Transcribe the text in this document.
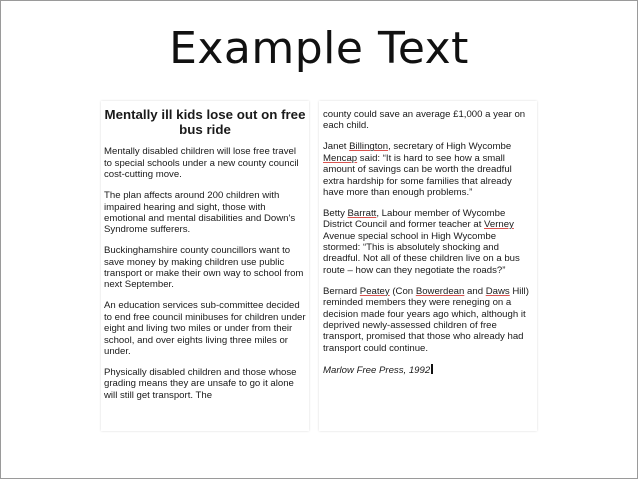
Example Text
Mentally ill kids lose out on free bus ride

Mentally disabled children will lose free travel to special schools under a new county council cost-cutting move.

The plan affects around 200 children with impaired hearing and sight, those with emotional and mental disabilities and Down's Syndrome sufferers.

Buckinghamshire county councillors want to save money by making children use public transport or make their own way to school from next September.

An education services sub-committee decided to end free council minibuses for children under eight and living two miles or under from their school, and over eights living three miles or under.

Physically disabled children and those whose grading means they are unsafe to go it alone will still get transport. The

county could save an average £1,000 a year on each child.

Janet Billington, secretary of High Wycombe Mencap said: “It is hard to see how a small amount of savings can be worth the dreadful extra hardship for some families that already have more than enough problems.”

Betty Barratt, Labour member of Wycombe District Council and former teacher at Verney Avenue special school in High Wycombe stormed: “This is absolutely shocking and dreadful. Not all of these children live on a bus route – how can they negotiate the roads?”

Bernard Peatey (Con Bowerdean and Daws Hill) reminded members they were reneging on a decision made four years ago which, although it deprived newly-assessed children of free transport, promised that those who already had transport could continue.

Marlow Free Press, 1992
